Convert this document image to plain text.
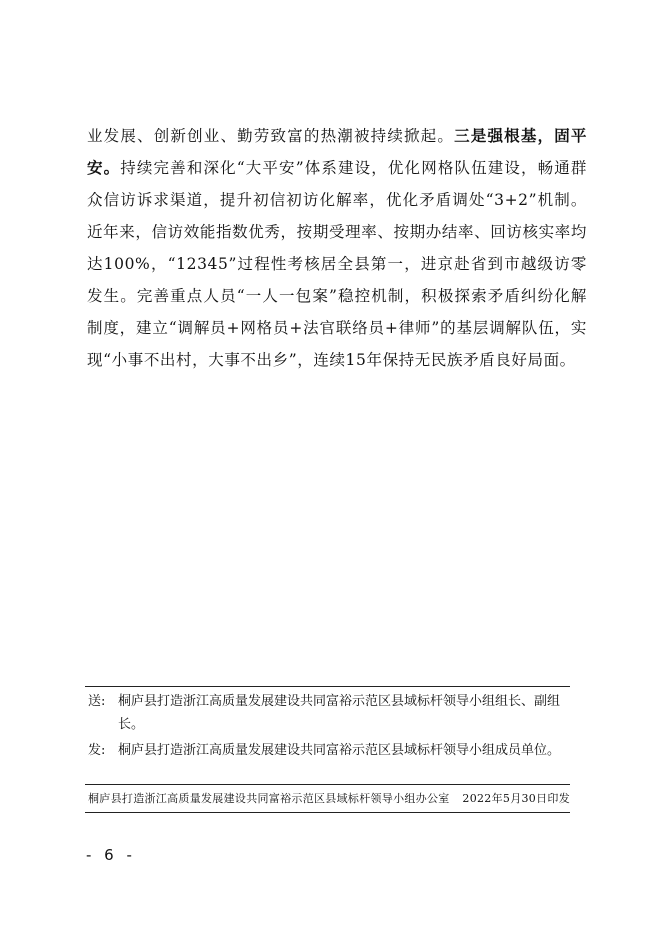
业发展、创新创业、勤劳致富的热潮被持续掀起。三是强根基，固平安。持续完善和深化“大平安”体系建设，优化网格队伍建设，畅通群众信访诉求渠道，提升初信初访化解率，优化矛盾调处“3+2”机制。近年来，信访效能指数优秀，按期受理率、按期办结率、回访核实率均达100%，“12345”过程性考核居全县第一，进京赴省到市越级访零发生。完善重点人员“一人一包案”稳控机制，积极探索矛盾纠纷化解制度，建立“调解员+网格员+法官联络员+律师”的基层调解队伍，实现“小事不出村，大事不出乡”，连续15年保持无民族矛盾良好局面。

送: 桐庐县打造浙江高质量发展建设共同富裕示范区县域标杆领导小组组长、副组长。
发: 桐庐县打造浙江高质量发展建设共同富裕示范区县域标杆领导小组成员单位。
桐庐县打造浙江高质量发展建设共同富裕示范区县域标杆领导小组办公室 2022年5月30日印发
- 6 -
